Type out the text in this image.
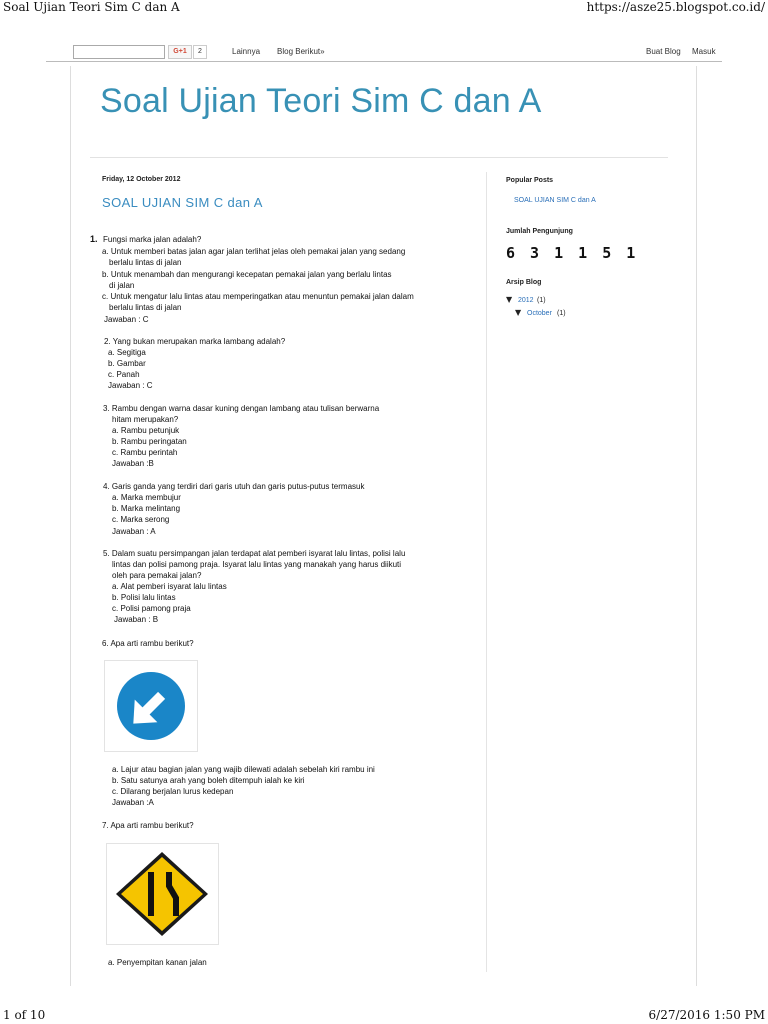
Soal Ujian Teori Sim C dan A	https://asze25.blogspot.co.id/
1 of 10	6/27/2016 1:50 PM
G+1	2	Lainnya Blog Berikut»	Buat Blog Masuk
Soal Ujian Teori Sim C dan A
Friday, 12 October 2012
SOAL UJIAN SIM C dan A
1. Fungsi marka jalan adalah?
a. Untuk memberi batas jalan agar jalan terlihat jelas oleh pemakai jalan yang sedang
berlalu lintas di jalan
b. Untuk menambah dan mengurangi kecepatan pemakai jalan yang berlalu lintas
di jalan
c. Untuk mengatur lalu lintas atau memperingatkan atau menuntun pemakai jalan dalam
berlalu lintas di jalan
Jawaban : C
2. Yang bukan merupakan marka lambang adalah?
a. Segitiga
b. Gambar
c. Panah
Jawaban : C
3. Rambu dengan warna dasar kuning dengan lambang atau tulisan berwarna
hitam merupakan?
a. Rambu petunjuk
b. Rambu peringatan
c. Rambu perintah
Jawaban :B
4. Garis ganda yang terdiri dari garis utuh dan garis putus-putus termasuk
a. Marka membujur
b. Marka melintang
c. Marka serong
Jawaban : A
5. Dalam suatu persimpangan jalan terdapat alat pemberi isyarat lalu lintas, polisi lalu
lintas dan polisi pamong praja. Isyarat lalu lintas yang manakah yang harus diikuti
oleh para pemakai jalan?
a. Alat pemberi isyarat lalu lintas
b. Polisi lalu lintas
c. Polisi pamong praja
Jawaban : B
6. Apa arti rambu berikut?
a. Lajur atau bagian jalan yang wajib dilewati adalah sebelah kiri rambu ini
b. Satu satunya arah yang boleh ditempuh ialah ke kiri
c. Dilarang berjalan lurus kedepan
Jawaban :A
7. Apa arti rambu berikut?
a. Penyempitan kanan jalan
Popular Posts
SOAL UJIAN SIM C dan A
Jumlah Pengunjung
6 3 1 1 5 1
Arsip Blog
▼ 2012 (1)
▼ October (1)
